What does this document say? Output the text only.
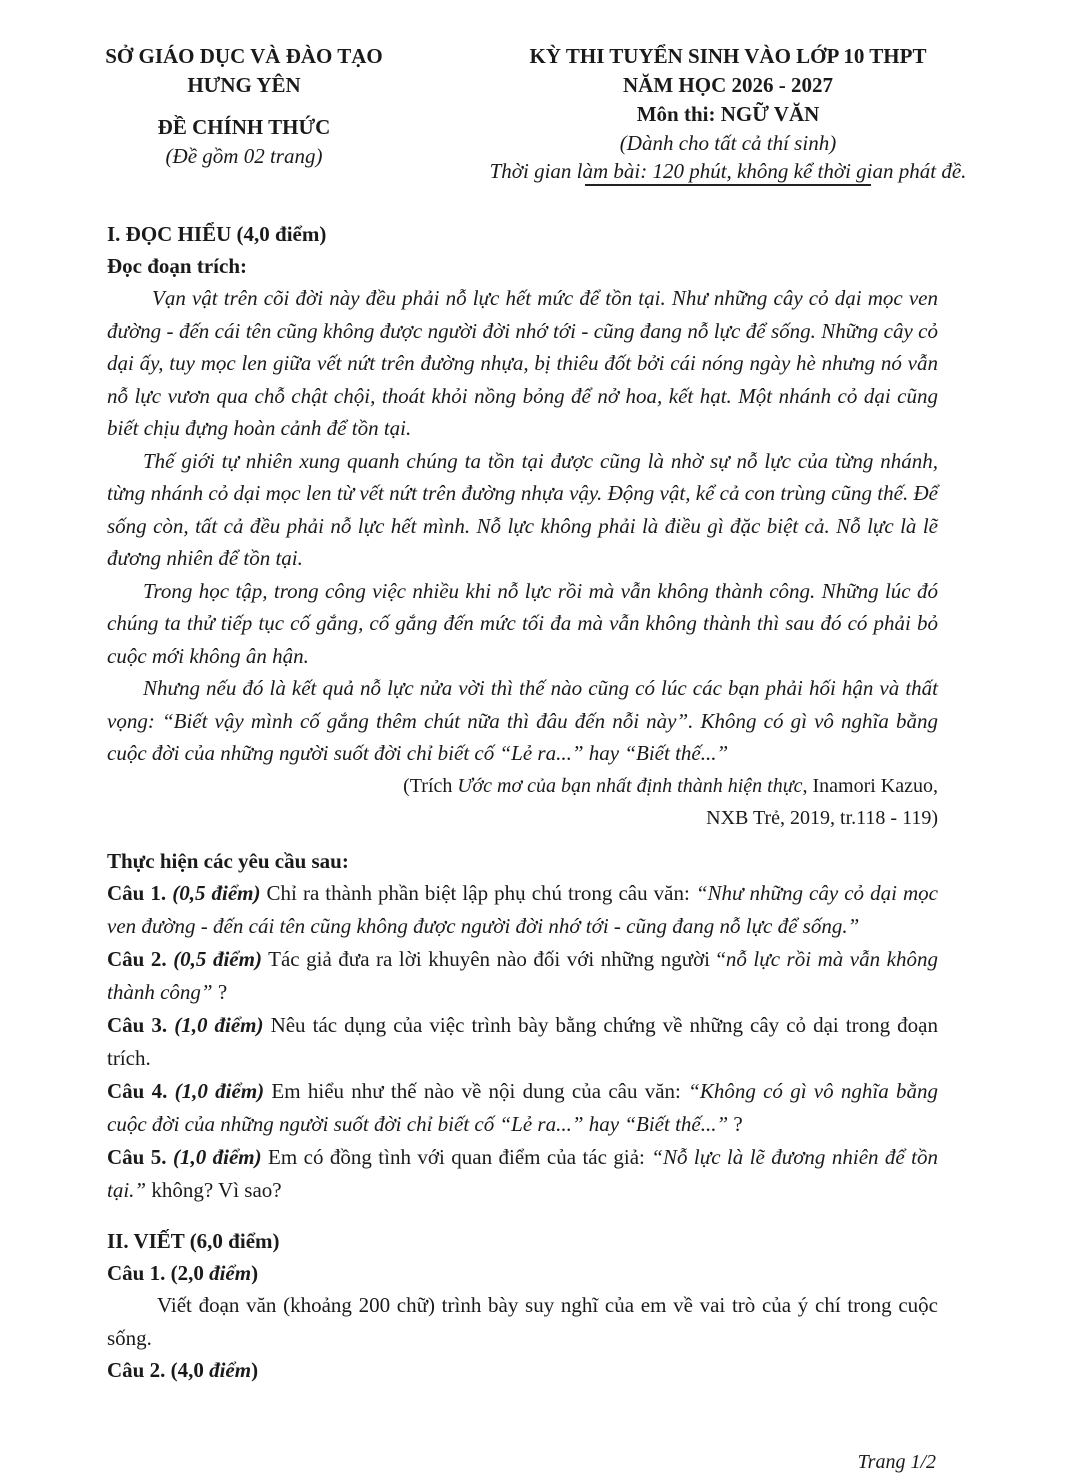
SỞ GIÁO DỤC VÀ ĐÀO TẠO
HƯNG YÊN
ĐỀ CHÍNH THỨC
(Đề gồm 02 trang)
KỲ THI TUYỂN SINH VÀO LỚP 10 THPT
NĂM HỌC 2026 - 2027
Môn thi: NGỮ VĂN
(Dành cho tất cả thí sinh)
Thời gian làm bài: 120 phút, không kể thời gian phát đề.
I. ĐỌC HIỂU (4,0 điểm)
Đọc đoạn trích:

Vạn vật trên cõi đời này đều phải nỗ lực hết mức để tồn tại. Như những cây cỏ dại mọc ven đường - đến cái tên cũng không được người đời nhớ tới - cũng đang nỗ lực để sống. Những cây cỏ dại ấy, tuy mọc len giữa vết nứt trên đường nhựa, bị thiêu đốt bởi cái nóng ngày hè nhưng nó vẫn nỗ lực vươn qua chỗ chật chội, thoát khỏi nồng bỏng để nở hoa, kết hạt. Một nhánh cỏ dại cũng biết chịu đựng hoàn cảnh để tồn tại.

Thế giới tự nhiên xung quanh chúng ta tồn tại được cũng là nhờ sự nỗ lực của từng nhánh, từng nhánh cỏ dại mọc len từ vết nứt trên đường nhựa vậy. Động vật, kể cả con trùng cũng thế. Để sống còn, tất cả đều phải nỗ lực hết mình. Nỗ lực không phải là điều gì đặc biệt cả. Nỗ lực là lẽ đương nhiên để tồn tại.

Trong học tập, trong công việc nhiều khi nỗ lực rồi mà vẫn không thành công. Những lúc đó chúng ta thử tiếp tục cố gắng, cố gắng đến mức tối đa mà vẫn không thành thì sau đó có phải bỏ cuộc mới không ân hận.

Nhưng nếu đó là kết quả nỗ lực nửa vời thì thế nào cũng có lúc các bạn phải hối hận và thất vọng: “Biết vậy mình cố gắng thêm chút nữa thì đâu đến nỗi này”. Không có gì vô nghĩa bằng cuộc đời của những người suốt đời chỉ biết cố “Lẻ ra...” hay “Biết thế...”

(Trích Ước mơ của bạn nhất định thành hiện thực, Inamori Kazuo,
NXB Trẻ, 2019, tr.118 - 119)
Thực hiện các yêu cầu sau:

Câu 1. (0,5 điểm) Chỉ ra thành phần biệt lập phụ chú trong câu văn: “Như những cây cỏ dại mọc ven đường - đến cái tên cũng không được người đời nhớ tới - cũng đang nỗ lực để sống.”

Câu 2. (0,5 điểm) Tác giả đưa ra lời khuyên nào đối với những người “nỗ lực rồi mà vẫn không thành công” ?

Câu 3. (1,0 điểm) Nêu tác dụng của việc trình bày bằng chứng về những cây cỏ dại trong đoạn trích.

Câu 4. (1,0 điểm) Em hiểu như thế nào về nội dung của câu văn: “Không có gì vô nghĩa bằng cuộc đời của những người suốt đời chỉ biết cố “Lẻ ra...” hay “Biết thế...” ?

Câu 5. (1,0 điểm) Em có đồng tình với quan điểm của tác giả: “Nỗ lực là lẽ đương nhiên để tồn tại.” không? Vì sao?

II. VIẾT (6,0 điểm)
Câu 1. (2,0 điểm)

Viết đoạn văn (khoảng 200 chữ) trình bày suy nghĩ của em về vai trò của ý chí trong cuộc sống.

Câu 2. (4,0 điểm)
Trang 1/2
